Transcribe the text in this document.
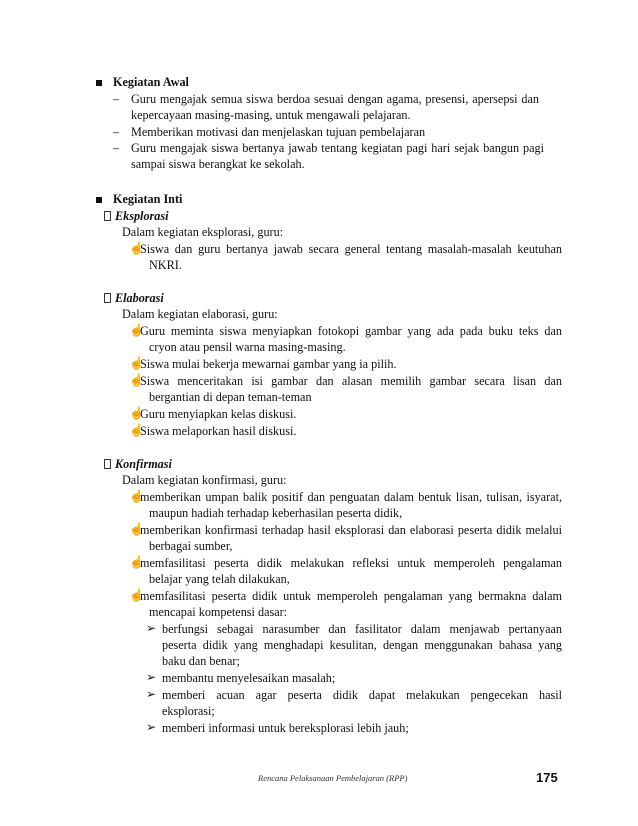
Kegiatan Awal
– Guru mengajak semua siswa berdoa sesuai dengan agama, presensi, apersepsi dan
kepercayaan masing-masing, untuk mengawali pelajaran.
– Memberikan motivasi dan menjelaskan tujuan pembelajaran
– Guru mengajak siswa bertanya jawab tentang kegiatan pagi hari sejak bangun pagi
sampai siswa berangkat ke sekolah.
Kegiatan Inti
Eksplorasi
Dalam kegiatan eksplorasi, guru:
☝
Siswa dan guru bertanya jawab secara general tentang masalah-masalah keutuhan
NKRI.
Elaborasi
Dalam kegiatan elaborasi, guru:
☝
Guru meminta siswa menyiapkan fotokopi gambar yang ada pada buku teks dan
cryon atau pensil warna masing-masing.
☝
Siswa mulai bekerja mewarnai gambar yang ia pilih.
☝
Siswa menceritakan isi gambar dan alasan memilih gambar secara lisan dan
bergantian di depan teman-teman
☝
Guru menyiapkan kelas diskusi.
☝
Siswa melaporkan hasil diskusi.
Konfirmasi
Dalam kegiatan konfirmasi, guru:
☝
memberikan umpan balik positif dan penguatan dalam bentuk lisan, tulisan, isyarat,
maupun hadiah terhadap keberhasilan peserta didik,
☝
memberikan konfirmasi terhadap hasil eksplorasi dan elaborasi peserta didik melalui
berbagai sumber,
☝
memfasilitasi peserta didik melakukan refleksi untuk memperoleh pengalaman
belajar yang telah dilakukan,
☝
memfasilitasi peserta didik untuk memperoleh pengalaman yang bermakna dalam
mencapai kompetensi dasar:
➢ berfungsi sebagai narasumber dan fasilitator dalam menjawab pertanyaan
peserta didik yang menghadapi kesulitan, dengan menggunakan bahasa yang
baku dan benar;
➢ membantu menyelesaikan masalah;
➢ memberi acuan agar peserta didik dapat melakukan pengecekan hasil
eksplorasi;
➢ memberi informasi untuk bereksplorasi lebih jauh;
Rencana Pelaksanaan Pembelajaran (RPP)	175
